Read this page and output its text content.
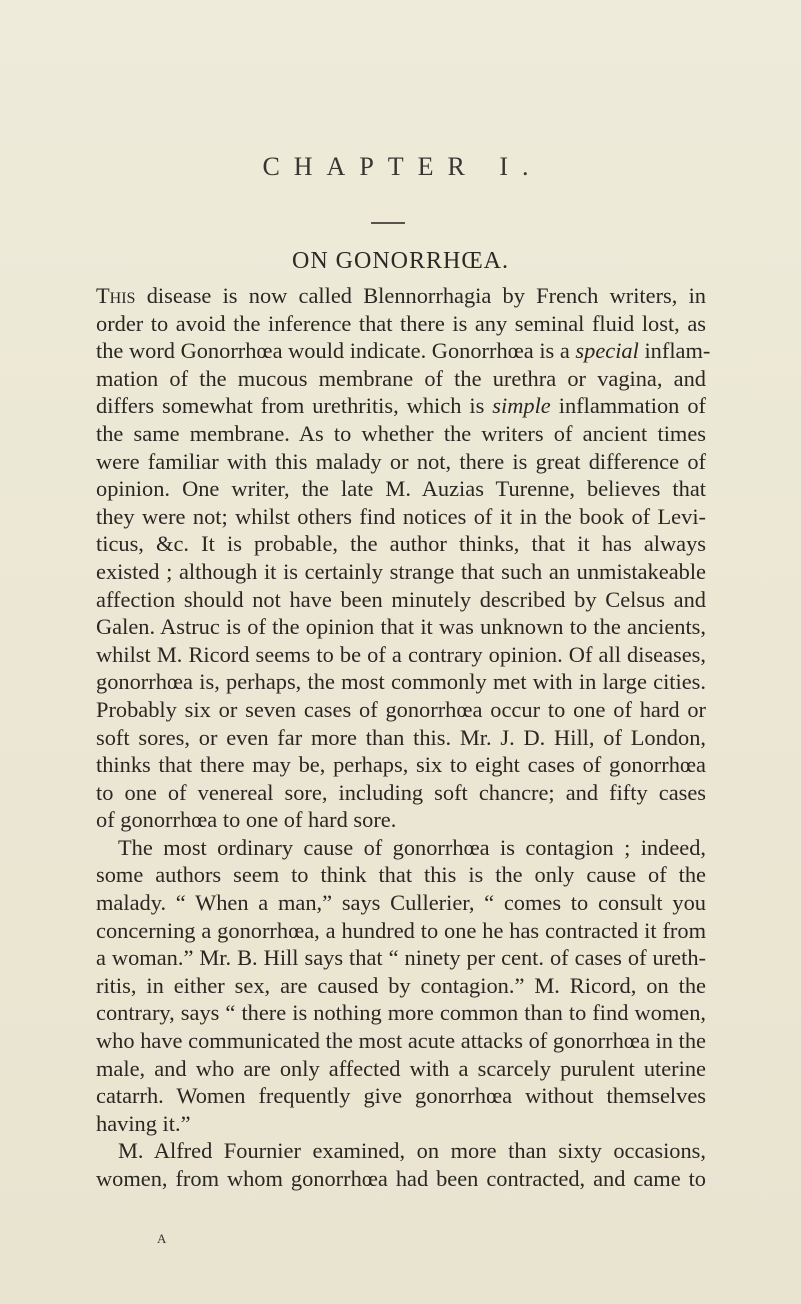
CHAPTER I.
ON GONORRHŒA.
This disease is now called Blennorrhagia by French writers, in
order to avoid the inference that there is any seminal fluid lost, as
the word Gonorrhœa would indicate. Gonorrhœa is a special inflam-
mation of the mucous membrane of the urethra or vagina, and
differs somewhat from urethritis, which is simple inflammation of
the same membrane. As to whether the writers of ancient times
were familiar with this malady or not, there is great difference of
opinion. One writer, the late M. Auzias Turenne, believes that
they were not; whilst others find notices of it in the book of Levi-
ticus, &c. It is probable, the author thinks, that it has always
existed ; although it is certainly strange that such an unmistakeable
affection should not have been minutely described by Celsus and
Galen. Astruc is of the opinion that it was unknown to the ancients,
whilst M. Ricord seems to be of a contrary opinion. Of all diseases,
gonorrhœa is, perhaps, the most commonly met with in large cities.
Probably six or seven cases of gonorrhœa occur to one of hard or
soft sores, or even far more than this. Mr. J. D. Hill, of London,
thinks that there may be, perhaps, six to eight cases of gonorrhœa
to one of venereal sore, including soft chancre; and fifty cases
of gonorrhœa to one of hard sore.
The most ordinary cause of gonorrhœa is contagion ; indeed,
some authors seem to think that this is the only cause of the
malady. “ When a man,” says Cullerier, “ comes to consult you
concerning a gonorrhœa, a hundred to one he has contracted it from
a woman.” Mr. B. Hill says that “ ninety per cent. of cases of ureth-
ritis, in either sex, are caused by contagion.” M. Ricord, on the
contrary, says “ there is nothing more common than to find women,
who have communicated the most acute attacks of gonorrhœa in the
male, and who are only affected with a scarcely purulent uterine
catarrh. Women frequently give gonorrhœa without themselves
having it.”
M. Alfred Fournier examined, on more than sixty occasions,
women, from whom gonorrhœa had been contracted, and came to
A
